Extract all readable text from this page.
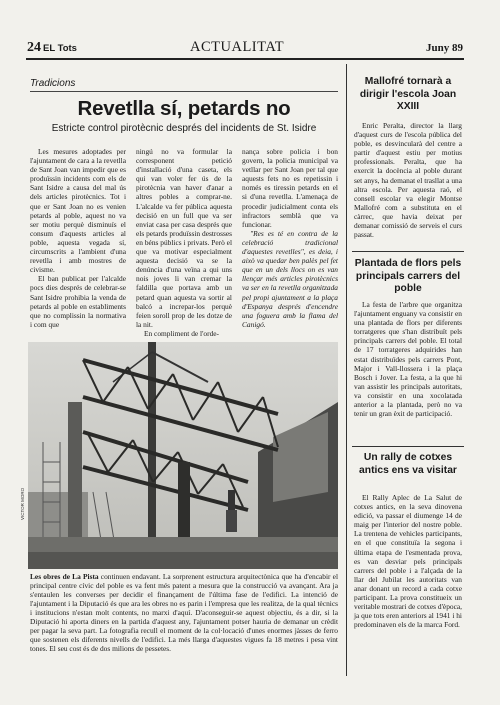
24 EL Tots	ACTUALITAT	Juny 89
Tradicions
Revetlla sí, petards no
Estricte control pirotècnic després del incidents de St. Isidre

Les mesures adoptades per l'ajuntament de cara a la revetlla de Sant Joan van impedir que es produïssin incidents com els de Sant Isidre a causa del mal ús dels articles pirotècnics. Tot i que er Sant Joan no es venien petards al poble, aquest no va ser motiu perquè disminuís el consum d'aquests articles al poble, aquesta vegada sí, circumscrits a l'ambient d'una revetlla i amb mostres de civisme.

El ban publicat per l'alcalde pocs dies després de celebrar-se Sant Isidre prohibia la venda de petards al poble en establiments que no complissin la normativa i com que

ningú no va formular la corresponent petició d'installació d'una caseta, els qui van voler fer ús de la pirotècnia van haver d'anar a altres pobles a comprar-ne. L'alcalde va fer pública aquesta decisió en un full que va ser enviat casa per casa després que els petards produïssin destrosses en béns públics i privats. Però el que va motivar especialment aquesta decisió va se la denúncia d'una veïna a qui uns nois joves li van cremar la faldilla que portava amb un petard quan aquesta va sortir al balcó a increpar-los perquè feien soroll prop de les dotze de la nit.

En compliment de l'orde-

nança sobre policia i bon govern, la policia municipal va vetllar per Sant Joan per tal que aquests fets no es repetissin i només es tiressin petards en el si d'una revetlla. L'amenaça de procedir judicialment conta els infractors semblà que va funcionar.

"Res es té en contra de la celebració tradicional d'aquestes revetlles", es deia, i això va quedar ben palès pel fet que en un dels llocs on es van llençar més articles pirotècnics va ser en la revetlla organitzada pel propi ajuntament a la plaça d'Espanya després d'encendre una foguera amb la flama del Canigó.

VICTOR MORO
Les obres de La Pista continuen endavant. La sorprenent estructura arquitectònica que ha d'encabir el principal centre cívic del poble es va fent més patent a mesura que la construcció va avançant. Ara ja s'entaulen les converses per decidir el finançament de l'última fase de l'edifici. La intenció de l'ajuntament i la Diputació és que ara les obres no es parin i l'empresa que les realitza, de la qual tècnics i institucions n'estan molt contents, no marxi d'aquí. D'aconseguir-se aquest objectiu, és a dir, si la Diputació hi aporta diners en la partida d'aquest any, l'ajuntament potser hauria de demanar un crèdit per pagar la seva part. La fotografia recull el moment de la col·locació d'unes enormes jàsses de ferro que sostenen els diferents nivells de l'edifici. La més llarga d'aquestes vigues fa 18 metres i pesa vint tones. El seu cost és de dos milions de pessetes.
Mallofré tornarà a dirigir l'escola Joan XXIII

Enric Peralta, director la llarg d'aquest curs de l'escola pública del poble, es desvincularà del centre a partir d'aquest estiu per motius professionals. Peralta, que ha exercit la docència al poble durant set anys, ha demanat el trasllat a una altra escola. Per aquesta raó, el consell escolar va elegir Montse Mallofré com a substituta en el càrrec, que havia deixat per demanar comissió de serveis el curs passat.

Plantada de flors pels principals carrers del poble

La festa de l'arbre que organitza l'ajuntament enguany va consistir en una plantada de flors per diferents torratgeres que s'han distribuït pels principals carrers del poble. El total de 17 torratgeres adquirides han estat distribuïdes pels carrers Pont, Major i Vall-llossera i la plaça Bosch i Jover. La festa, a la que hi van assistir les principals autoritats, va consistir en una xocolatada anterior a la plantada, però no va tenir un gran èxit de participació.

Un rally de cotxes antics ens va visitar

El Rally Aplec de La Salut de cotxes antics, en la seva dinovena edició, va passar el diumenge 14 de maig per l'interior del nostre poble. La trentena de vehicles participants, en el que constituïa la segona i última etapa de l'esmentada prova, es van desviar pels principals carrers del poble i a l'alçada de la llar del Jubilat les autoritats van anar donant un record a cada cotxe participant. La prova constitueix un veritable mostrari de cotxes d'època, ja que tots eren anteriors al 1941 i hi predominaven els de la marca Ford.
